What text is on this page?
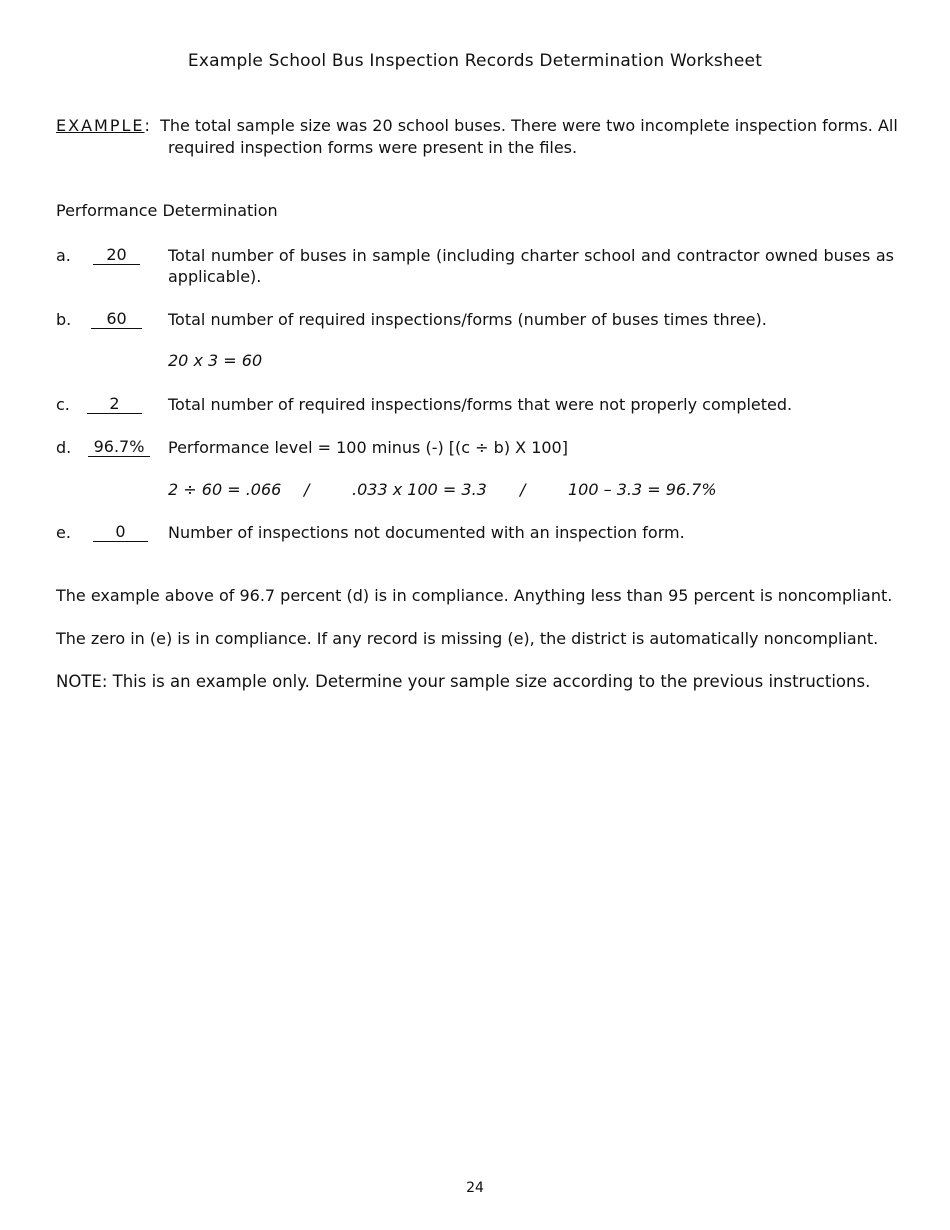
Example School Bus Inspection Records Determination Worksheet
EXAMPLE: The total sample size was 20 school buses. There were two incomplete inspection forms. All
required inspection forms were present in the files.
Performance Determination
a.	20	Total number of buses in sample (including charter school and contractor owned buses as applicable).
b.	60	Total number of required inspections/forms (number of buses times three).
20 x 3 = 60
c.	2	Total number of required inspections/forms that were not properly completed.
d.	96.7%	Performance level = 100 minus (-) [(c ÷ b) X 100]
2 ÷ 60 = .066 /	.033 x 100 = 3.3 /	100 – 3.3 = 96.7%
e.	0	Number of inspections not documented with an inspection form.
The example above of 96.7 percent (d) is in compliance. Anything less than 95 percent is noncompliant.
The zero in (e) is in compliance. If any record is missing (e), the district is automatically noncompliant.
NOTE: This is an example only. Determine your sample size according to the previous instructions.
24
